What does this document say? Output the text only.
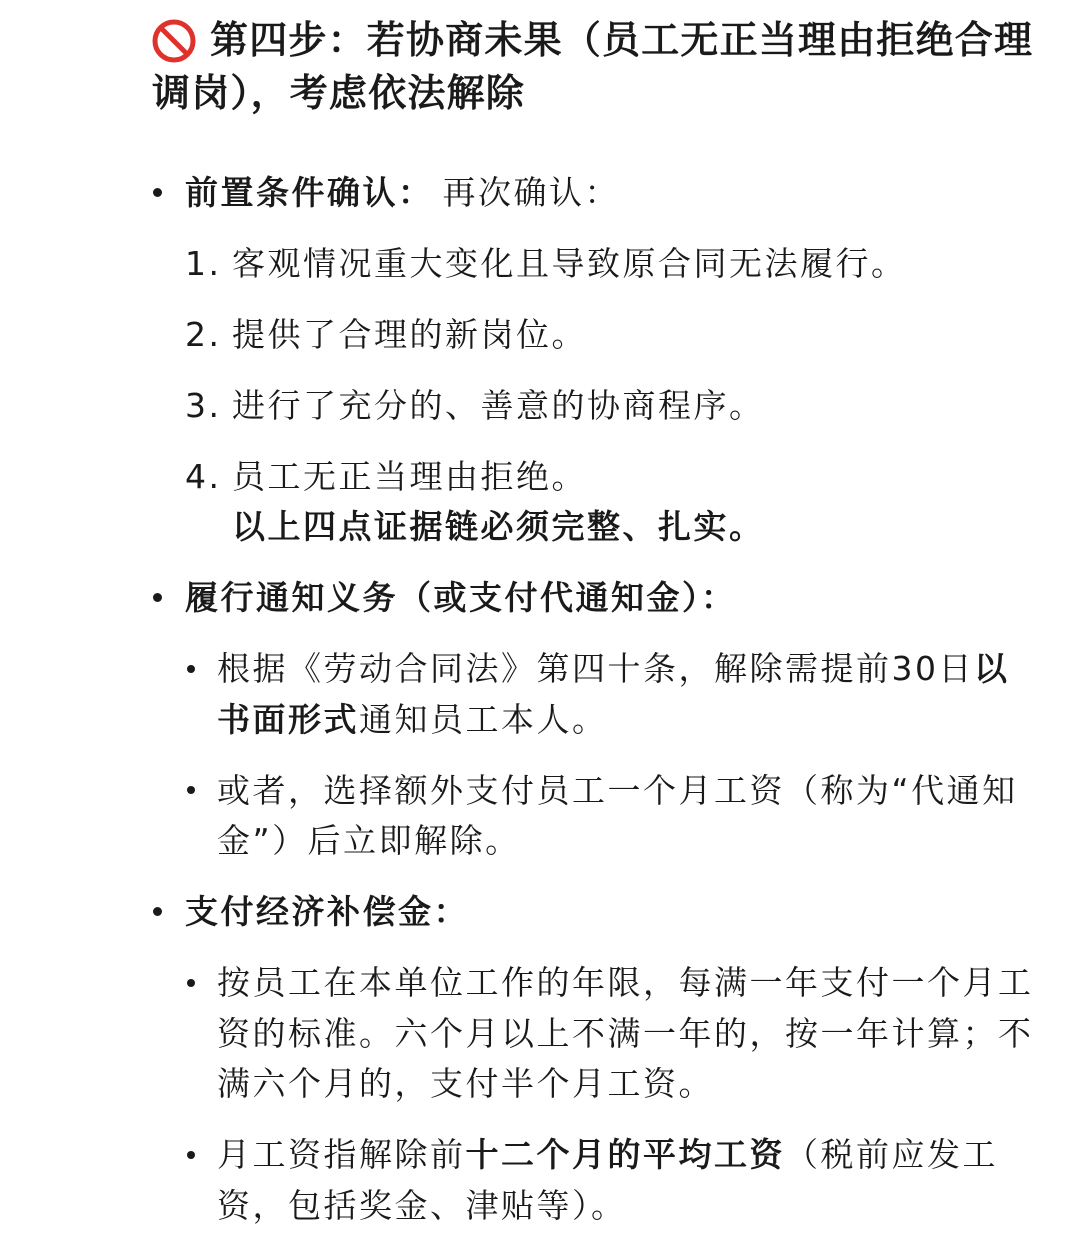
第四步：若协商未果（员工无正当理由拒绝合理调岗），考虑依法解除
前置条件确认： 再次确认：
1. 客观情况重大变化且导致原合同无法履行。
2. 提供了合理的新岗位。
3. 进行了充分的、善意的协商程序。
4. 员工无正当理由拒绝。
以上四点证据链必须完整、扎实。
履行通知义务（或支付代通知金）：
根据《劳动合同法》第四十条，解除需提前30日以书面形式通知员工本人。
或者，选择额外支付员工一个月工资（称为“代通知金”）后立即解除。
支付经济补偿金：
按员工在本单位工作的年限，每满一年支付一个月工资的标准。六个月以上不满一年的，按一年计算；不满六个月的，支付半个月工资。
月工资指解除前十二个月的平均工资（税前应发工资，包括奖金、津贴等）。
